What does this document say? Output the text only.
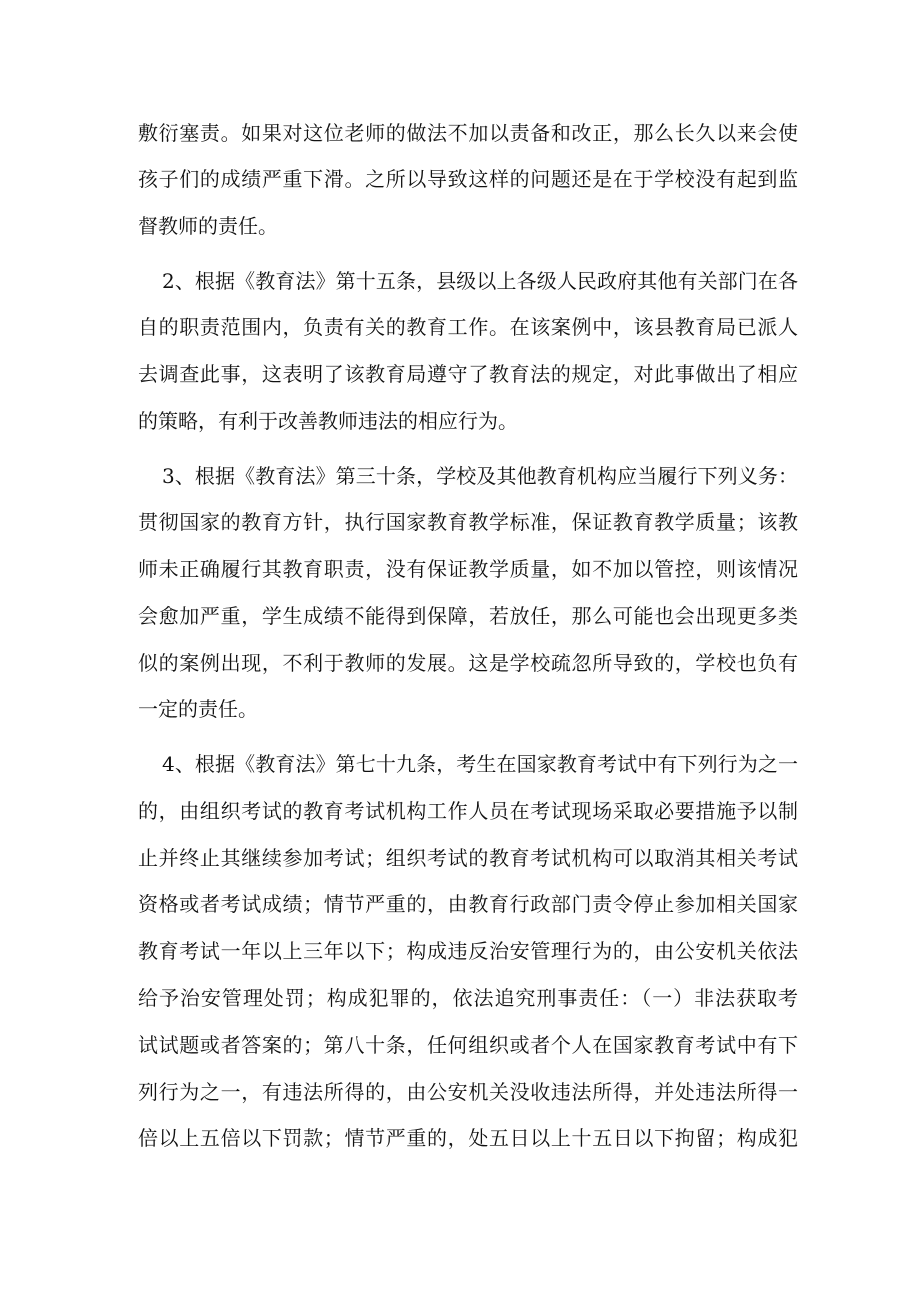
敷衍塞责。如果对这位老师的做法不加以责备和改正，那么长久以来会使
孩子们的成绩严重下滑。之所以导致这样的问题还是在于学校没有起到监
督教师的责任。
2、根据《教育法》第十五条，县级以上各级人民政府其他有关部门在各
自的职责范围内，负责有关的教育工作。在该案例中，该县教育局已派人
去调查此事，这表明了该教育局遵守了教育法的规定，对此事做出了相应
的策略，有利于改善教师违法的相应行为。
3、根据《教育法》第三十条，学校及其他教育机构应当履行下列义务：
贯彻国家的教育方针，执行国家教育教学标准，保证教育教学质量；该教
师未正确履行其教育职责，没有保证教学质量，如不加以管控，则该情况
会愈加严重，学生成绩不能得到保障，若放任，那么可能也会出现更多类
似的案例出现，不利于教师的发展。这是学校疏忽所导致的，学校也负有
一定的责任。
4、根据《教育法》第七十九条，考生在国家教育考试中有下列行为之一
的，由组织考试的教育考试机构工作人员在考试现场采取必要措施予以制
止并终止其继续参加考试；组织考试的教育考试机构可以取消其相关考试
资格或者考试成绩；情节严重的，由教育行政部门责令停止参加相关国家
教育考试一年以上三年以下；构成违反治安管理行为的，由公安机关依法
给予治安管理处罚；构成犯罪的，依法追究刑事责任：（一）非法获取考
试试题或者答案的；第八十条，任何组织或者个人在国家教育考试中有下
列行为之一，有违法所得的，由公安机关没收违法所得，并处违法所得一
倍以上五倍以下罚款；情节严重的，处五日以上十五日以下拘留；构成犯
